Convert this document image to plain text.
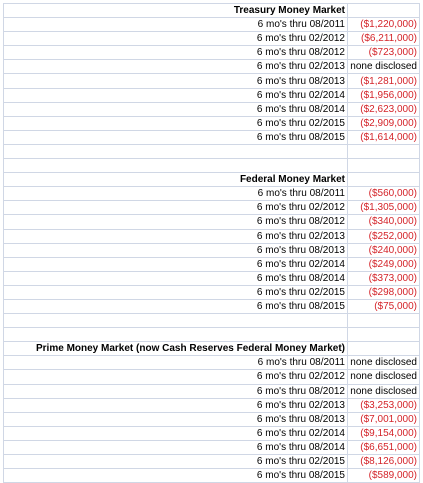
Treasury Money Market	
6 mo's thru 08/2011	($1,220,000)
6 mo's thru 02/2012	($6,211,000)
6 mo's thru 08/2012	($723,000)
6 mo's thru 02/2013	none disclosed
6 mo's thru 08/2013	($1,281,000)
6 mo's thru 02/2014	($1,956,000)
6 mo's thru 08/2014	($2,623,000)
6 mo's thru 02/2015	($2,909,000)
6 mo's thru 08/2015	($1,614,000)

Federal Money Market	
6 mo's thru 08/2011	($560,000)
6 mo's thru 02/2012	($1,305,000)
6 mo's thru 08/2012	($340,000)
6 mo's thru 02/2013	($252,000)
6 mo's thru 08/2013	($240,000)
6 mo's thru 02/2014	($249,000)
6 mo's thru 08/2014	($373,000)
6 mo's thru 02/2015	($298,000)
6 mo's thru 08/2015	($75,000)

Prime Money Market (now Cash Reserves Federal Money Market)	
6 mo's thru 08/2011	none disclosed
6 mo's thru 02/2012	none disclosed
6 mo's thru 08/2012	none disclosed
6 mo's thru 02/2013	($3,253,000)
6 mo's thru 08/2013	($7,001,000)
6 mo's thru 02/2014	($9,154,000)
6 mo's thru 08/2014	($6,651,000)
6 mo's thru 02/2015	($8,126,000)
6 mo's thru 08/2015	($589,000)
